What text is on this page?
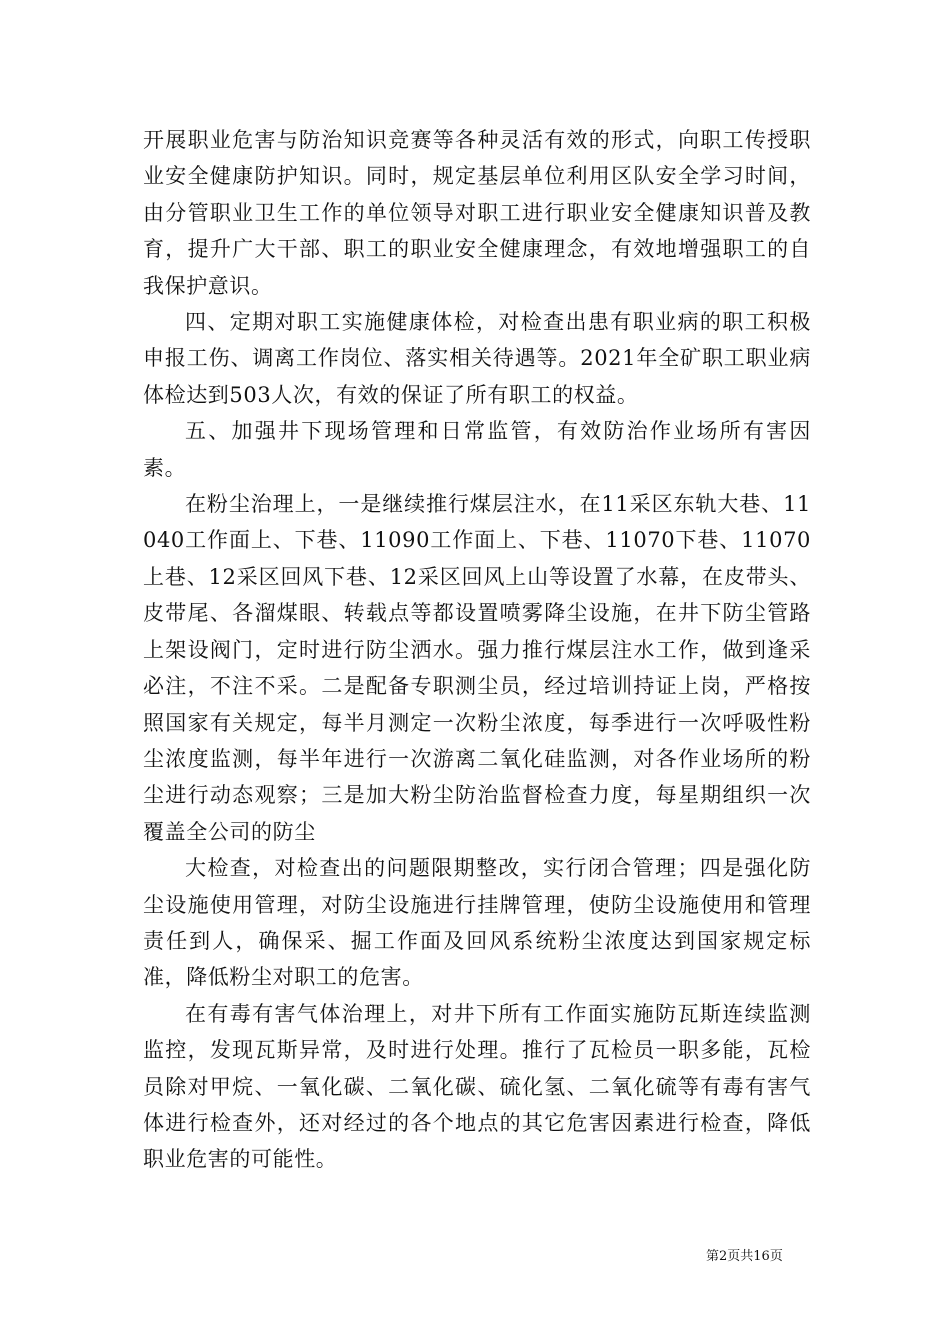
开展职业危害与防治知识竞赛等各种灵活有效的形式，向职工传授职业安全健康防护知识。同时，规定基层单位利用区队安全学习时间，由分管职业卫生工作的单位领导对职工进行职业安全健康知识普及教育，提升广大干部、职工的职业安全健康理念，有效地增强职工的自我保护意识。

四、定期对职工实施健康体检，对检查出患有职业病的职工积极申报工伤、调离工作岗位、落实相关待遇等。2021年全矿职工职业病体检达到503人次，有效的保证了所有职工的权益。

五、加强井下现场管理和日常监管，有效防治作业场所有害因素。

在粉尘治理上，一是继续推行煤层注水，在11采区东轨大巷、11040工作面上、下巷、11090工作面上、下巷、11070下巷、11070上巷、12采区回风下巷、12采区回风上山等设置了水幕，在皮带头、皮带尾、各溜煤眼、转载点等都设置喷雾降尘设施，在井下防尘管路上架设阀门，定时进行防尘洒水。强力推行煤层注水工作，做到逢采必注，不注不采。二是配备专职测尘员，经过培训持证上岗，严格按照国家有关规定，每半月测定一次粉尘浓度，每季进行一次呼吸性粉尘浓度监测，每半年进行一次游离二氧化硅监测，对各作业场所的粉尘进行动态观察；三是加大粉尘防治监督检查力度，每星期组织一次覆盖全公司的防尘

大检查，对检查出的问题限期整改，实行闭合管理；四是强化防尘设施使用管理，对防尘设施进行挂牌管理，使防尘设施使用和管理责任到人，确保采、掘工作面及回风系统粉尘浓度达到国家规定标准，降低粉尘对职工的危害。

在有毒有害气体治理上，对井下所有工作面实施防瓦斯连续监测监控，发现瓦斯异常，及时进行处理。推行了瓦检员一职多能，瓦检员除对甲烷、一氧化碳、二氧化碳、硫化氢、二氧化硫等有毒有害气体进行检查外，还对经过的各个地点的其它危害因素进行检查，降低职业危害的可能性。

第2页共16页
